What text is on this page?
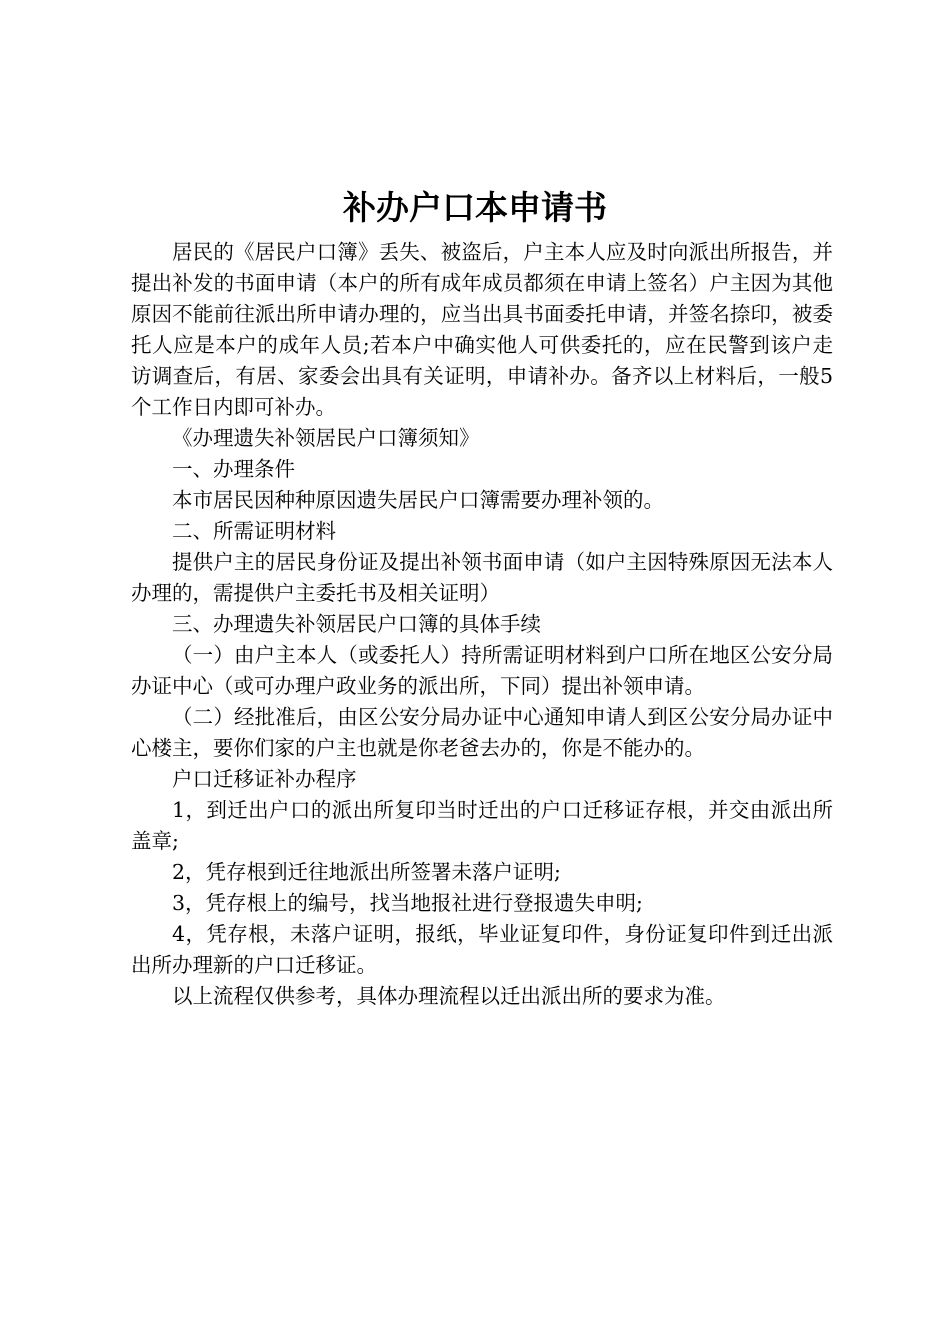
补办户口本申请书

居民的《居民户口簿》丢失、被盗后，户主本人应及时向派出所报告，并提出补发的书面申请（本户的所有成年成员都须在申请上签名）户主因为其他原因不能前往派出所申请办理的，应当出具书面委托申请，并签名捺印，被委托人应是本户的成年人员;若本户中确实他人可供委托的，应在民警到该户走访调查后，有居、家委会出具有关证明，申请补办。备齐以上材料后，一般5个工作日内即可补办。

《办理遗失补领居民户口簿须知》

一、办理条件

本市居民因种种原因遗失居民户口簿需要办理补领的。

二、所需证明材料

提供户主的居民身份证及提出补领书面申请（如户主因特殊原因无法本人办理的，需提供户主委托书及相关证明）

三、办理遗失补领居民户口簿的具体手续

（一）由户主本人（或委托人）持所需证明材料到户口所在地区公安分局办证中心（或可办理户政业务的派出所，下同）提出补领申请。

（二）经批准后，由区公安分局办证中心通知申请人到区公安分局办证中心楼主，要你们家的户主也就是你老爸去办的，你是不能办的。

户口迁移证补办程序

1，到迁出户口的派出所复印当时迁出的户口迁移证存根，并交由派出所盖章;

2，凭存根到迁往地派出所签署未落户证明;

3，凭存根上的编号，找当地报社进行登报遗失申明;

4，凭存根，未落户证明，报纸，毕业证复印件，身份证复印件到迁出派出所办理新的户口迁移证。

以上流程仅供参考，具体办理流程以迁出派出所的要求为准。
